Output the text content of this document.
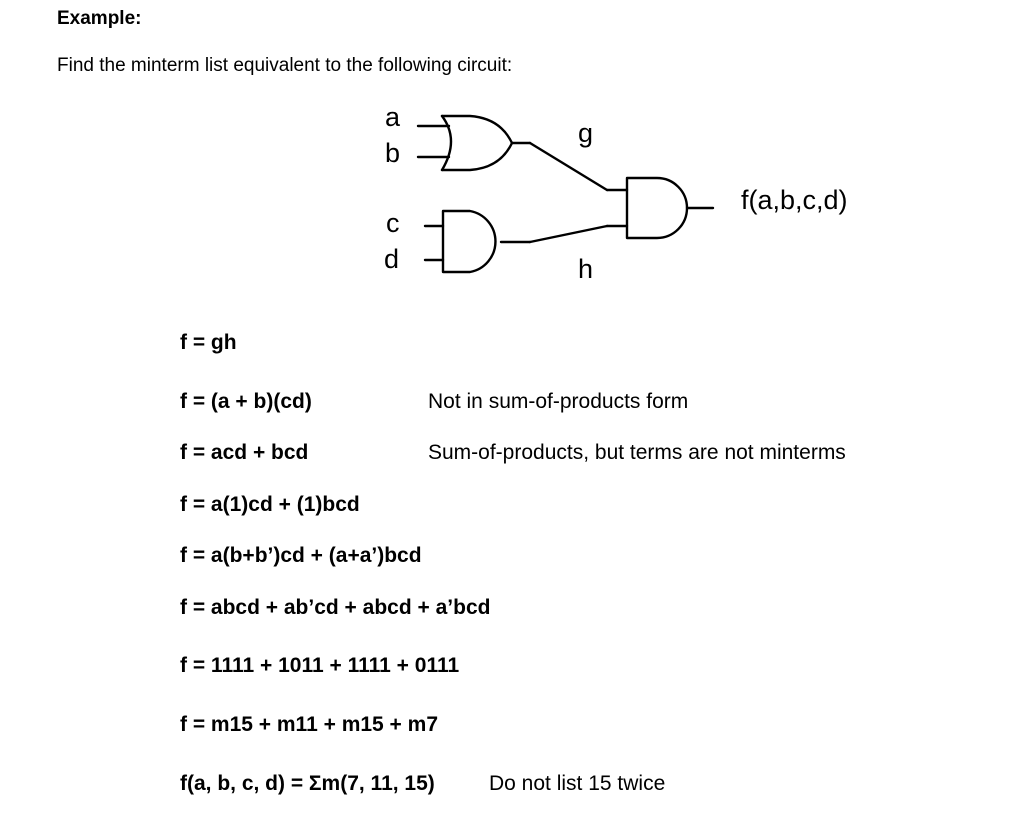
Example:
Find the minterm list equivalent to the following circuit:
a
b
c
d
g
h
f(a,b,c,d)
f = gh
f = (a + b)(cd)	Not in sum-of-products form
f = acd + bcd	Sum-of-products, but terms are not minterms
f = a(1)cd + (1)bcd
f = a(b+b’)cd + (a+a’)bcd
f = abcd + ab’cd + abcd + a’bcd
f = 1111 + 1011 + 1111 + 0111
f = m15 + m11 + m15 + m7
f(a, b, c, d) = Σm(7, 11, 15)	Do not list 15 twice
